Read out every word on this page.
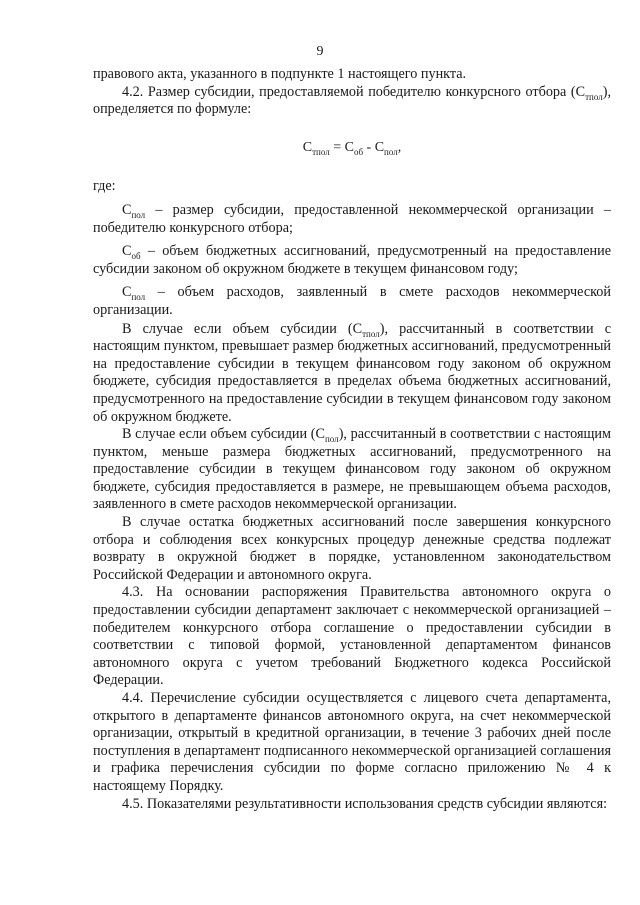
9

правового акта, указанного в подпункте 1 настоящего пункта.

4.2. Размер субсидии, предоставляемой победителю конкурсного отбора $(С_{тпол})$, определяется по формуле:

$С_{тпол} = С_{об} - С_{пол}$,

где:

$С_{пол}$ – размер субсидии, предоставленной некоммерческой организации – победителю конкурсного отбора;

$С_{об}$ – объем бюджетных ассигнований, предусмотренный на предоставление субсидии законом об окружном бюджете в текущем финансовом году;

$С_{пол}$ – объем расходов, заявленный в смете расходов некоммерческой организации.

В случае если объем субсидии $(С_{тпол})$, рассчитанный в соответствии с настоящим пунктом, превышает размер бюджетных ассигнований, предусмотренный на предоставление субсидии в текущем финансовом году законом об окружном бюджете, субсидия предоставляется в пределах объема бюджетных ассигнований, предусмотренного на предоставление субсидии в текущем финансовом году законом об окружном бюджете.

В случае если объем субсидии $(С_{пол})$, рассчитанный в соответствии с настоящим пунктом, меньше размера бюджетных ассигнований, предусмотренного на предоставление субсидии в текущем финансовом году законом об окружном бюджете, субсидия предоставляется в размере, не превышающем объема расходов, заявленного в смете расходов некоммерческой организации.

В случае остатка бюджетных ассигнований после завершения конкурсного отбора и соблюдения всех конкурсных процедур денежные средства подлежат возврату в окружной бюджет в порядке, установленном законодательством Российской Федерации и автономного округа.

4.3. На основании распоряжения Правительства автономного округа о предоставлении субсидии департамент заключает с некоммерческой организацией – победителем конкурсного отбора соглашение о предоставлении субсидии в соответствии с типовой формой, установленной департаментом финансов автономного округа с учетом требований Бюджетного кодекса Российской Федерации.

4.4. Перечисление субсидии осуществляется с лицевого счета департамента, открытого в департаменте финансов автономного округа, на счет некоммерческой организации, открытый в кредитной организации, в течение 3 рабочих дней после поступления в департамент подписанного некоммерческой организацией соглашения и графика перечисления субсидии по форме согласно приложению № 4 к настоящему Порядку.

4.5. Показателями результативности использования средств субсидии являются:
